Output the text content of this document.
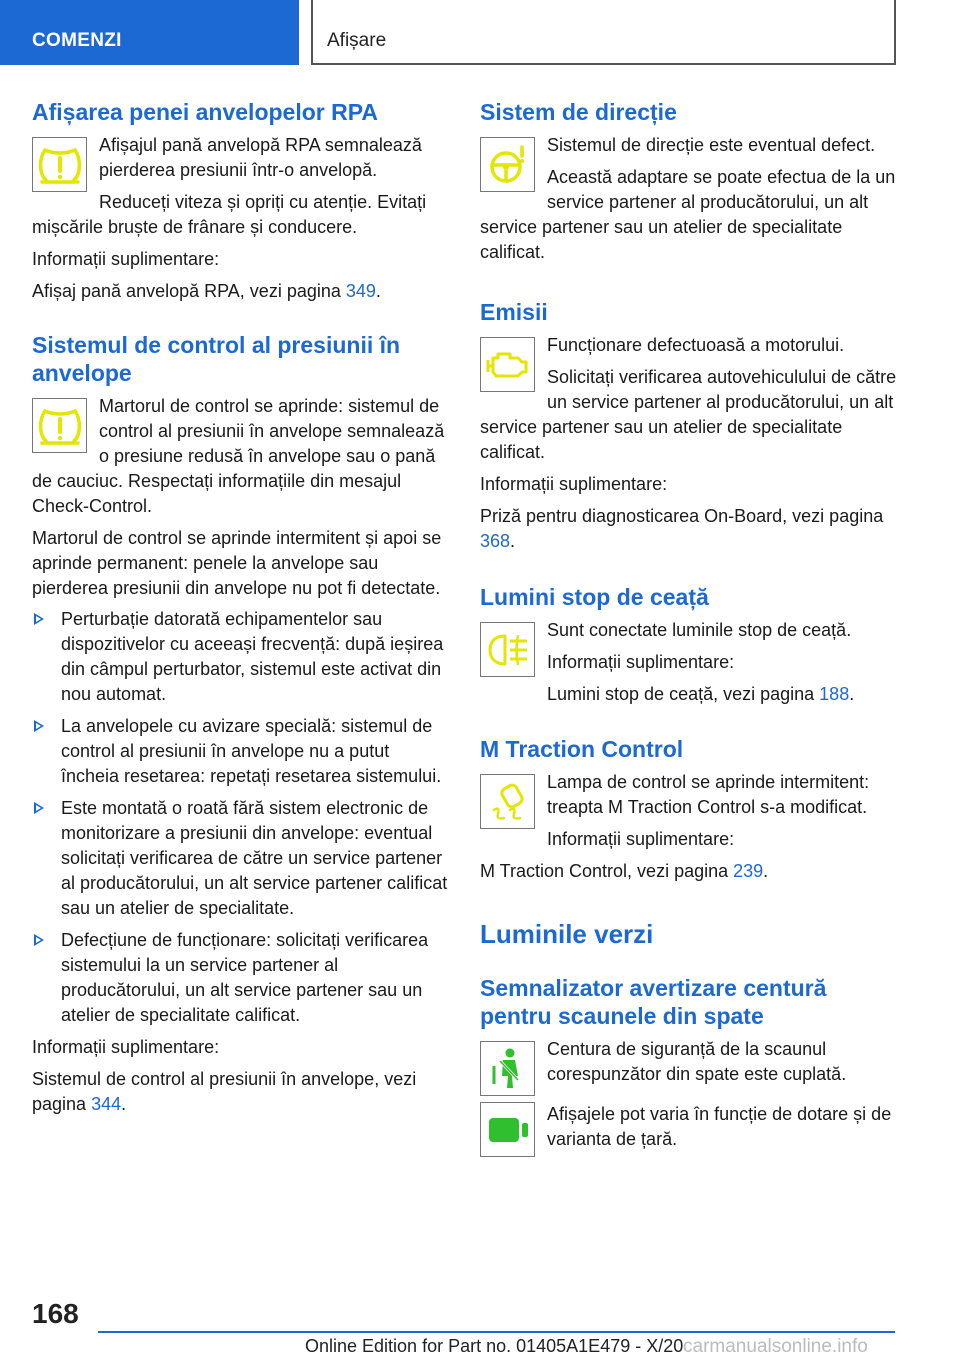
COMENZI	Afișare
Afișarea penei anvelopelor RPA

Afișajul pană anvelopă RPA semnalează pierderea presiunii într-o anvelopă.

Reduceți viteza și opriți cu atenție. Evitați mișcările bruște de frânare și conducere.

Informații suplimentare:

Afișaj pană anvelopă RPA, vezi pagina 349.

Sistemul de control al presiunii în anvelope

Martorul de control se aprinde: sistemul de control al presiunii în anvelope semnalează o presiune redusă în anvelope sau o pană de cauciuc. Respectați informațiile din mesajul Check-Control.

Martorul de control se aprinde intermitent și apoi se aprinde permanent: penele la anvelope sau pierderea presiunii din anvelope nu pot fi detectate.

Perturbație datorată echipamentelor sau dispozitivelor cu aceeași frecvență: după ieșirea din câmpul perturbator, sistemul este activat din nou automat.
La anvelopele cu avizare specială: sistemul de control al presiunii în anvelope nu a putut încheia resetarea: repetați resetarea sistemului.
Este montată o roată fără sistem electronic de monitorizare a presiunii din anvelope: eventual solicitați verificarea de către un service partener al producătorului, un alt service partener calificat sau un atelier de specialitate.
Defecțiune de funcționare: solicitați verificarea sistemului la un service partener al producătorului, un alt service partener sau un atelier de specialitate calificat.

Informații suplimentare:

Sistemul de control al presiunii în anvelope, vezi pagina 344.

Sistem de direcție

Sistemul de direcție este eventual defect.

Această adaptare se poate efectua de la un service partener al producătorului, un alt service partener sau un atelier de specialitate calificat.

Emisii

Funcționare defectuoasă a motorului.

Solicitați verificarea autovehiculului de către un service partener al producătorului, un alt service partener sau un atelier de specialitate calificat.

Informații suplimentare:

Priză pentru diagnosticarea On-Board, vezi pagina 368.

Lumini stop de ceață

Sunt conectate luminile stop de ceață.

Informații suplimentare:

Lumini stop de ceață, vezi pagina 188.

M Traction Control

Lampa de control se aprinde intermitent: treapta M Traction Control s-a modificat.

Informații suplimentare:

M Traction Control, vezi pagina 239.

Luminile verzi
Semnalizator avertizare centură pentru scaunele din spate

Centura de siguranță de la scaunul corespunzător din spate este cuplată.

Afișajele pot varia în funcție de dotare și de varianta de țară.

168
Online Edition for Part no. 01405A1E479 - X/20 carmanualsonline.info
